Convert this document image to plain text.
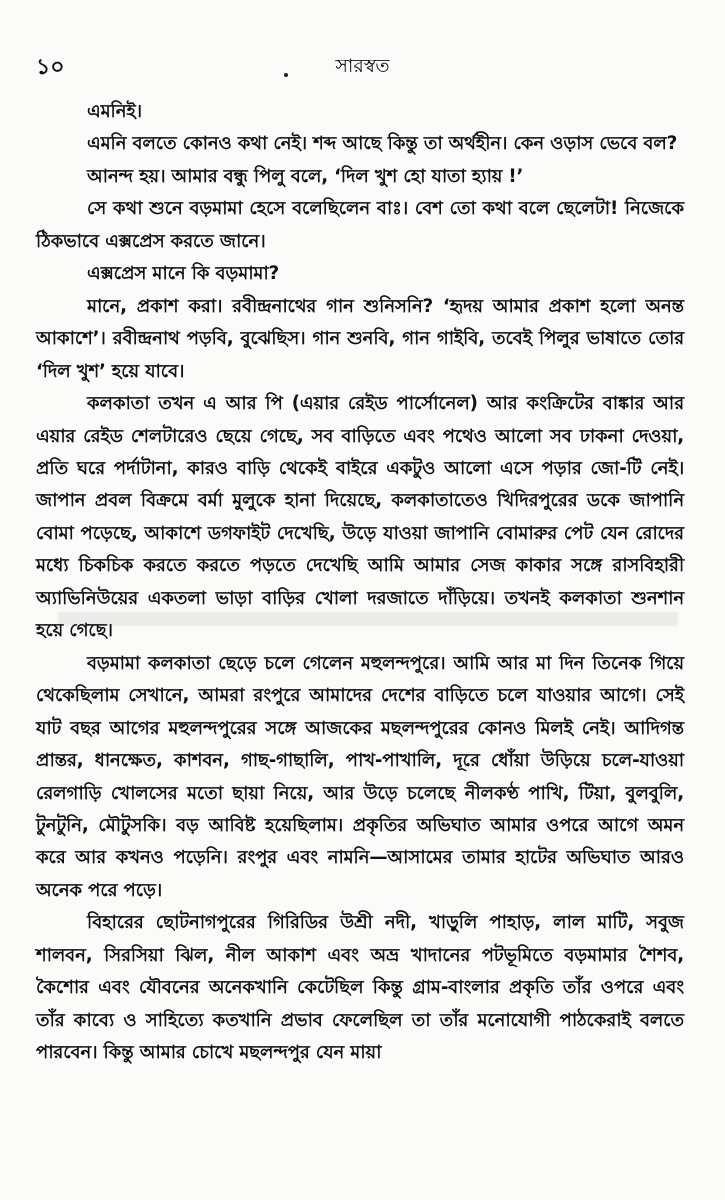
১০	সারস্বত

এমনিই।

এমনি বলতে কোনও কথা নেই। শব্দ আছে কিন্তু তা অর্থহীন। কেন ওড়াস ভেবে বল?

আনন্দ হয়। আমার বন্ধু পিলু বলে, ‘দিল খুশ হো যাতা হ্যায় !’

সে কথা শুনে বড়মামা হেসে বলেছিলেন বাঃ। বেশ তো কথা বলে ছেলেটা! নিজেকে ঠিকভাবে এক্সপ্রেস করতে জানে।

এক্সপ্রেস মানে কি বড়মামা?

মানে, প্রকাশ করা। রবীন্দ্রনাথের গান শুনিসনি? ‘হৃদয় আমার প্রকাশ হলো অনন্ত আকাশে’। রবীন্দ্রনাথ পড়বি, বুঝেছিস। গান শুনবি, গান গাইবি, তবেই পিলুর ভাষাতে তোর ‘দিল খুশ’ হয়ে যাবে।

কলকাতা তখন এ আর পি (এয়ার রেইড পার্সোনেল) আর কংক্রিটের বাঙ্কার আর এয়ার রেইড শেলটারেও ছেয়ে গেছে, সব বাড়িতে এবং পথেও আলো সব ঢাকনা দেওয়া, প্রতি ঘরে পর্দাটানা, কারও বাড়ি থেকেই বাইরে একটুও আলো এসে পড়ার জো-টি নেই। জাপান প্রবল বিক্রমে বর্মা মুলুকে হানা দিয়েছে, কলকাতাতেও খিদিরপুরের ডকে জাপানি বোমা পড়েছে, আকাশে ডগফাইট দেখেছি, উড়ে যাওয়া জাপানি বোমারুর পেট যেন রোদের মধ্যে চিকচিক করতে করতে পড়তে দেখেছি আমি আমার সেজ কাকার সঙ্গে রাসবিহারী অ্যাভিনিউয়ের একতলা ভাড়া বাড়ির খোলা দরজাতে দাঁড়িয়ে। তখনই কলকাতা শুনশান হয়ে গেছে।

বড়মামা কলকাতা ছেড়ে চলে গেলেন মহুলন্দপুরে। আমি আর মা দিন তিনেক গিয়ে থেকেছিলাম সেখানে, আমরা রংপুরে আমাদের দেশের বাড়িতে চলে যাওয়ার আগে। সেই যাট বছর আগের মহুলন্দপুরের সঙ্গে আজকের মছলন্দপুরের কোনও মিলই নেই। আদিগন্ত প্রান্তর, ধানক্ষেত, কাশবন, গাছ-গাছালি, পাখ-পাখালি, দূরে ধোঁয়া উড়িয়ে চলে-যাওয়া রেলগাড়ি খোলসের মতো ছায়া নিয়ে, আর উড়ে চলেছে নীলকণ্ঠ পাখি, টিয়া, বুলবুলি, টুনটুনি, মৌটুসকি। বড় আবিষ্ট হয়েছিলাম। প্রকৃতির অভিঘাত আমার ওপরে আগে অমন করে আর কখনও পড়েনি। রংপুর এবং নামনি—আসামের তামার হাটের অভিঘাত আরও অনেক পরে পড়ে।

বিহারের ছোটনাগপুরের গিরিডির উশ্রী নদী, খাড়ুলি পাহাড়, লাল মাটি, সবুজ শালবন, সিরসিয়া ঝিল, নীল আকাশ এবং অভ্র খাদানের পটভূমিতে বড়মামার শৈশব, কৈশোর এবং যৌবনের অনেকখানি কেটেছিল কিন্তু গ্রাম-বাংলার প্রকৃতি তাঁর ওপরে এবং তাঁর কাব্যে ও সাহিত্যে কতখানি প্রভাব ফেলেছিল তা তাঁর মনোযোগী পাঠকেরাই বলতে পারবেন। কিন্তু আমার চোখে মছলন্দপুর যেন মায়া
